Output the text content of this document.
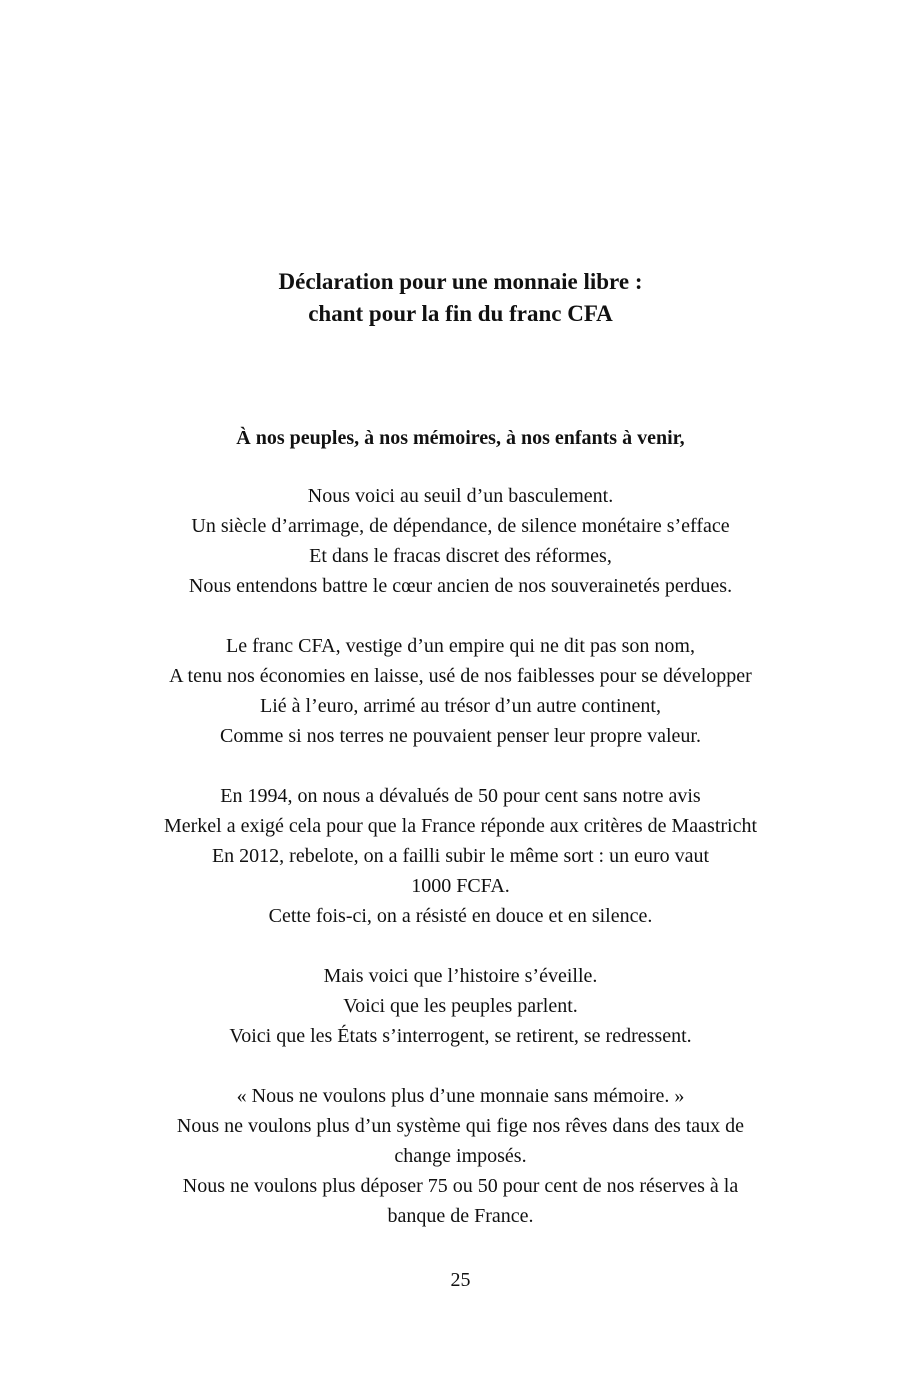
Déclaration pour une monnaie libre :
chant pour la fin du franc CFA
À nos peuples, à nos mémoires, à nos enfants à venir,
Nous voici au seuil d’un basculement.
Un siècle d’arrimage, de dépendance, de silence monétaire s’efface
Et dans le fracas discret des réformes,
Nous entendons battre le cœur ancien de nos souverainetés perdues.
Le franc CFA, vestige d’un empire qui ne dit pas son nom,
A tenu nos économies en laisse, usé de nos faiblesses pour se développer
Lié à l’euro, arrimé au trésor d’un autre continent,
Comme si nos terres ne pouvaient penser leur propre valeur.
En 1994, on nous a dévalués de 50 pour cent sans notre avis
Merkel a exigé cela pour que la France réponde aux critères de Maastricht
En 2012, rebelote, on a failli subir le même sort : un euro vaut
1000 FCFA.
Cette fois-ci, on a résisté en douce et en silence.
Mais voici que l’histoire s’éveille.
Voici que les peuples parlent.
Voici que les États s’interrogent, se retirent, se redressent.
« Nous ne voulons plus d’une monnaie sans mémoire. »
Nous ne voulons plus d’un système qui fige nos rêves dans des taux de
change imposés.
Nous ne voulons plus déposer 75 ou 50 pour cent de nos réserves à la
banque de France.
25
